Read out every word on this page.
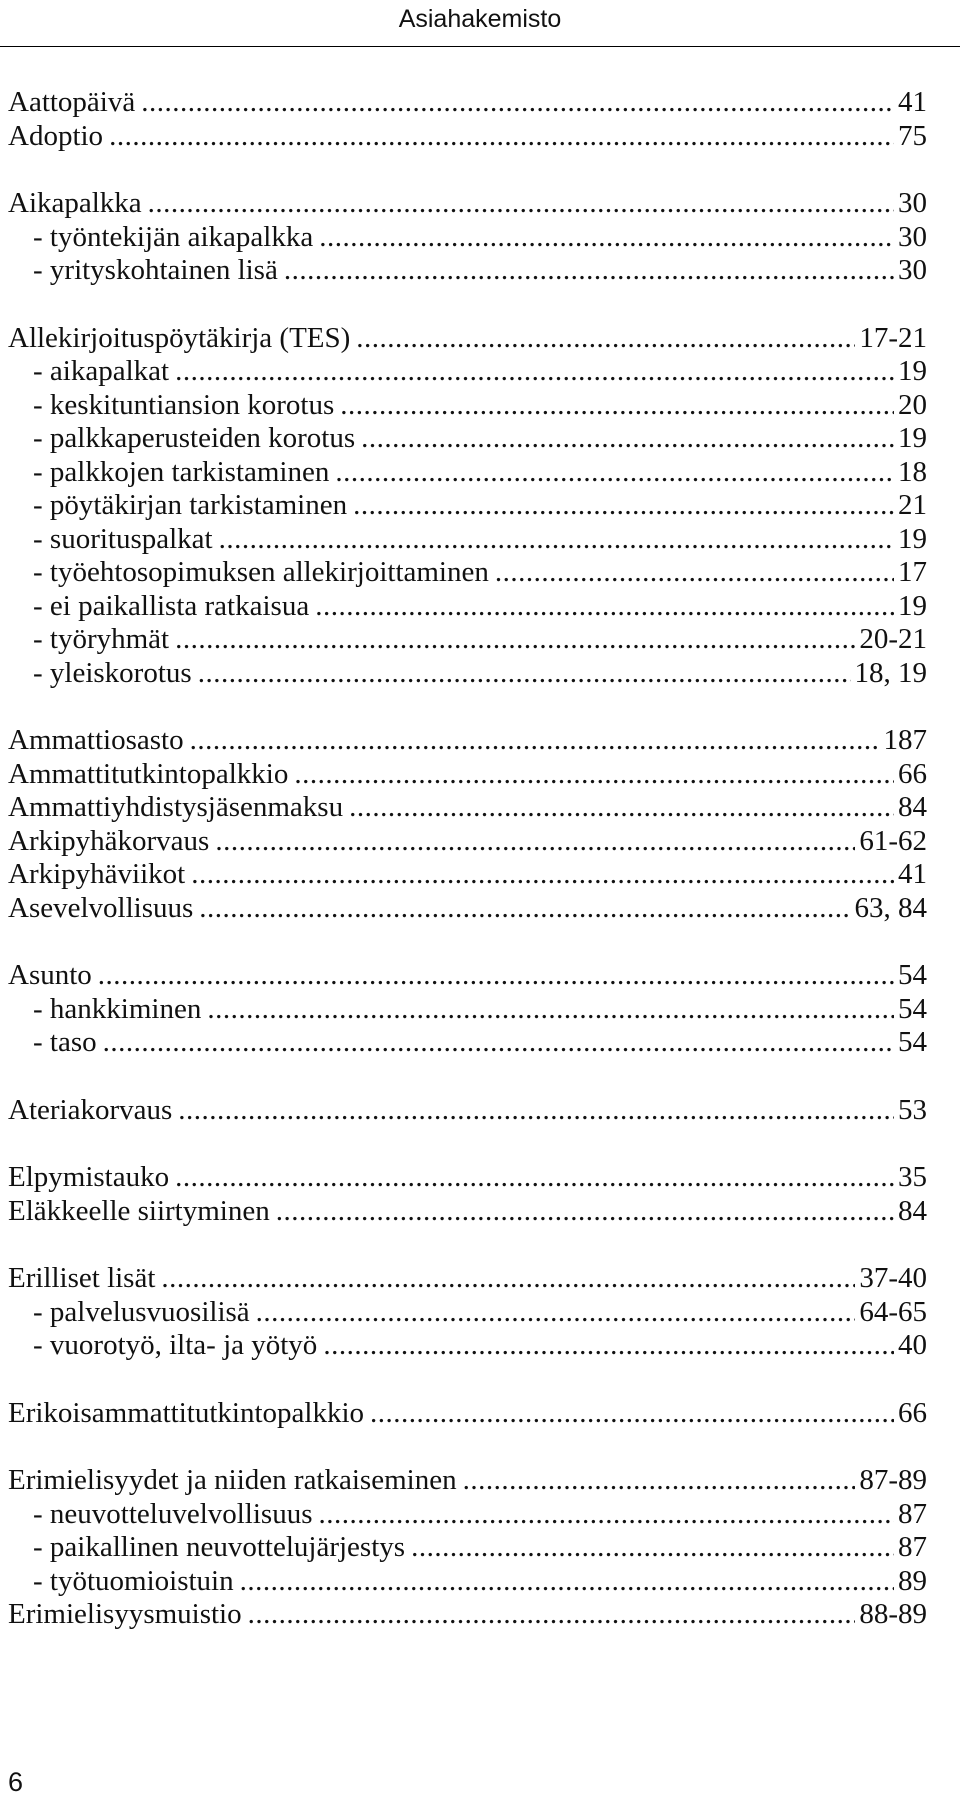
Asiahakemisto
Aattopäivä .....	41
Adoptio .....	75
Aikapalkka .....	30
- työntekijän aikapalkka .....	30
- yrityskohtainen lisä .....	30
Allekirjoituspöytäkirja (TES) .....	17-21
- aikapalkat .....	19
- keskituntiansion korotus .....	20
- palkkaperusteiden korotus .....	19
- palkkojen tarkistaminen .....	18
- pöytäkirjan tarkistaminen .....	21
- suorituspalkat .....	19
- työehtosopimuksen allekirjoittaminen .....	17
- ei paikallista ratkaisua .....	19
- työryhmät .....	20-21
- yleiskorotus .....	18, 19
Ammattiosasto .....	187
Ammattitutkintopalkkio .....	66
Ammattiyhdistysjäsenmaksu .....	84
Arkipyhäkorvaus .....	61-62
Arkipyhäviikot .....	41
Asevelvollisuus .....	63, 84
Asunto .....	54
- hankkiminen .....	54
- taso .....	54
Ateriakorvaus .....	53
Elpymistauko .....	35
Eläkkeelle siirtyminen .....	84
Erilliset lisät .....	37-40
- palvelusvuosilisä .....	64-65
- vuorotyö, ilta- ja yötyö .....	40
Erikoisammattitutkintopalkkio .....	66
Erimielisyydet ja niiden ratkaiseminen .....	87-89
- neuvotteluvelvollisuus .....	87
- paikallinen neuvottelujärjestys .....	87
- työtuomioistuin .....	89
Erimielisyysmuistio .....	88-89
6
